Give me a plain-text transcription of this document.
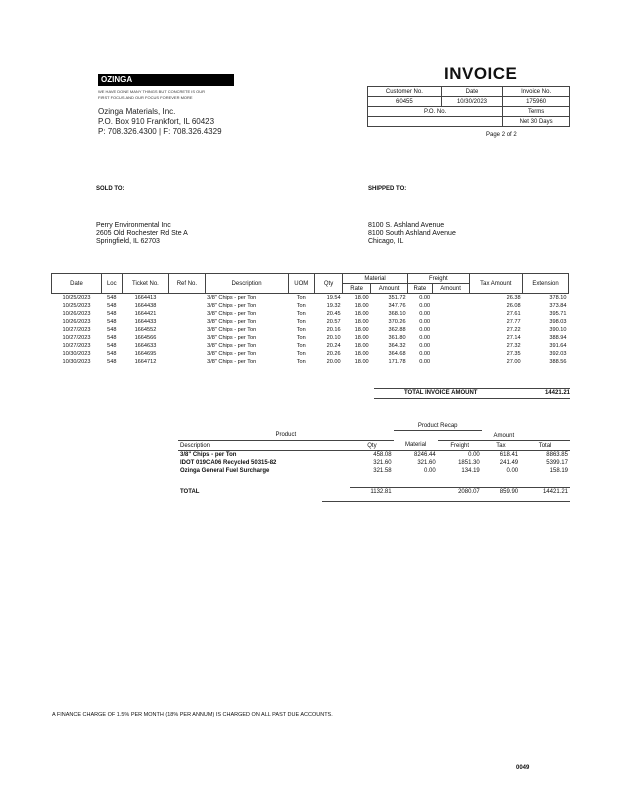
OZINGA
WE HAVE DONE MANY THINGS BUT CONCRETE IS OUR
FIRST FOCUS AND OUR FOCUS FOREVER MORE
Ozinga Materials, Inc.
P.O. Box 910 Frankfort, IL 60423
P: 708.326.4300 | F: 708.326.4329
INVOICE
Customer No.	Date	Invoice No.
60455	10/30/2023	175960
P.O. No.		Terms
		Net 30 Days
Page 2 of 2
SOLD TO:
Perry Environmental Inc
2605 Old Rochester Rd Ste A
Springfield, IL 62703
SHIPPED TO:
8100 S. Ashland Avenue
8100 South Ashland Avenue
Chicago, IL
Date	Loc	Ticket No.	Ref No.	Description	UOM	Qty	Material		Freight		Tax Amount	Extension
							Rate	Amount	Rate	Amount		
10/25/2023	548	1664413		3/8" Chips - per Ton	Ton	19.54	18.00	351.72	0.00		26.38	378.10
10/25/2023	548	1664438		3/8" Chips - per Ton	Ton	19.32	18.00	347.76	0.00		26.08	373.84
10/26/2023	548	1664421		3/8" Chips - per Ton	Ton	20.45	18.00	368.10	0.00		27.61	395.71
10/26/2023	548	1664433		3/8" Chips - per Ton	Ton	20.57	18.00	370.26	0.00		27.77	398.03
10/27/2023	548	1664552		3/8" Chips - per Ton	Ton	20.16	18.00	362.88	0.00		27.22	390.10
10/27/2023	548	1664566		3/8" Chips - per Ton	Ton	20.10	18.00	361.80	0.00		27.14	388.94
10/27/2023	548	1664633		3/8" Chips - per Ton	Ton	20.24	18.00	364.32	0.00		27.32	391.64
10/30/2023	548	1664695		3/8" Chips - per Ton	Ton	20.26	18.00	364.68	0.00		27.35	392.03
10/30/2023	548	1664712		3/8" Chips - per Ton	Ton	20.00	18.00	171.78	0.00		27.00	388.56
TOTAL INVOICE AMOUNT	14421.21
		Product Recap			
Product			Amount		
Description	Qty	Material	Freight	Tax	Total
3/8" Chips - per Ton	458.08	8246.44	0.00	618.41	8863.85
IDOT 019CA06 Recycled 50315-82	321.60	321.60	1851.30	241.49	5399.17
Ozinga General Fuel Surcharge	321.58	0.00	134.19	0.00	158.19

TOTAL	1132.81		2080.07	859.90	14421.21
A FINANCE CHARGE OF 1.5% PER MONTH (18% PER ANNUM) IS CHARGED ON ALL PAST DUE ACCOUNTS.
0049
